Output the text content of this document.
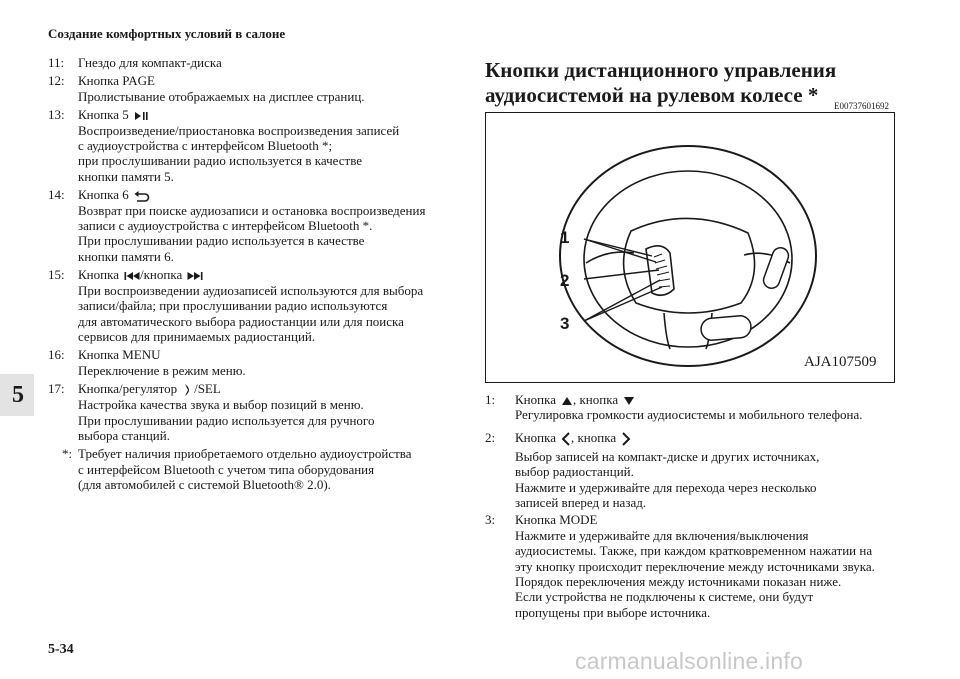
Создание комфортных условий в салоне
5
11:	Гнездо для компакт-диска
12:	Кнопка PAGE
Пролистывание отображаемых на дисплее страниц.
13:	Кнопка 5
Воспроизведение/приостановка воспроизведения записей
с аудиоустройства с интерфейсом Bluetooth *;
при прослушивании радио используется в качестве
кнопки памяти 5.
14:	Кнопка 6
Возврат при поиске аудиозаписи и остановка воспроизведения
записи с аудиоустройства с интерфейсом Bluetooth *.
При прослушивании радио используется в качестве
кнопки памяти 6.
15:	Кнопка /кнопка
При воспроизведении аудиозаписей используются для выбора
записи/файла; при прослушивании радио используются
для автоматического выбора радиостанции или для поиска
сервисов для принимаемых радиостанций.
16:	Кнопка MENU
Переключение в режим меню.
17:	Кнопка/регулятор /SEL
Настройка качества звука и выбор позиций в меню.
При прослушивании радио используется для ручного
выбора станций.
*: Требует наличия приобретаемого отдельно аудиоустройства
с интерфейсом Bluetooth с учетом типа оборудования
(для автомобилей с системой Bluetooth® 2.0).
Кнопки дистанционного управления
аудиосистемой на рулевом колесе *	E00737601692
1
2
3
AJA107509
1:	Кнопка , кнопка
Регулировка громкости аудиосистемы и мобильного телефона.
2:	Кнопка , кнопка
Выбор записей на компакт-диске и других источниках,
выбор радиостанций.
Нажмите и удерживайте для перехода через несколько
записей вперед и назад.
3:	Кнопка MODE
Нажмите и удерживайте для включения/выключения
аудиосистемы. Также, при каждом кратковременном нажатии на
эту кнопку происходит переключение между источниками звука.
Порядок переключения между источниками показан ниже.
Если устройства не подключены к системе, они будут
пропущены при выборе источника.
5-34	carmanualsonline.info
